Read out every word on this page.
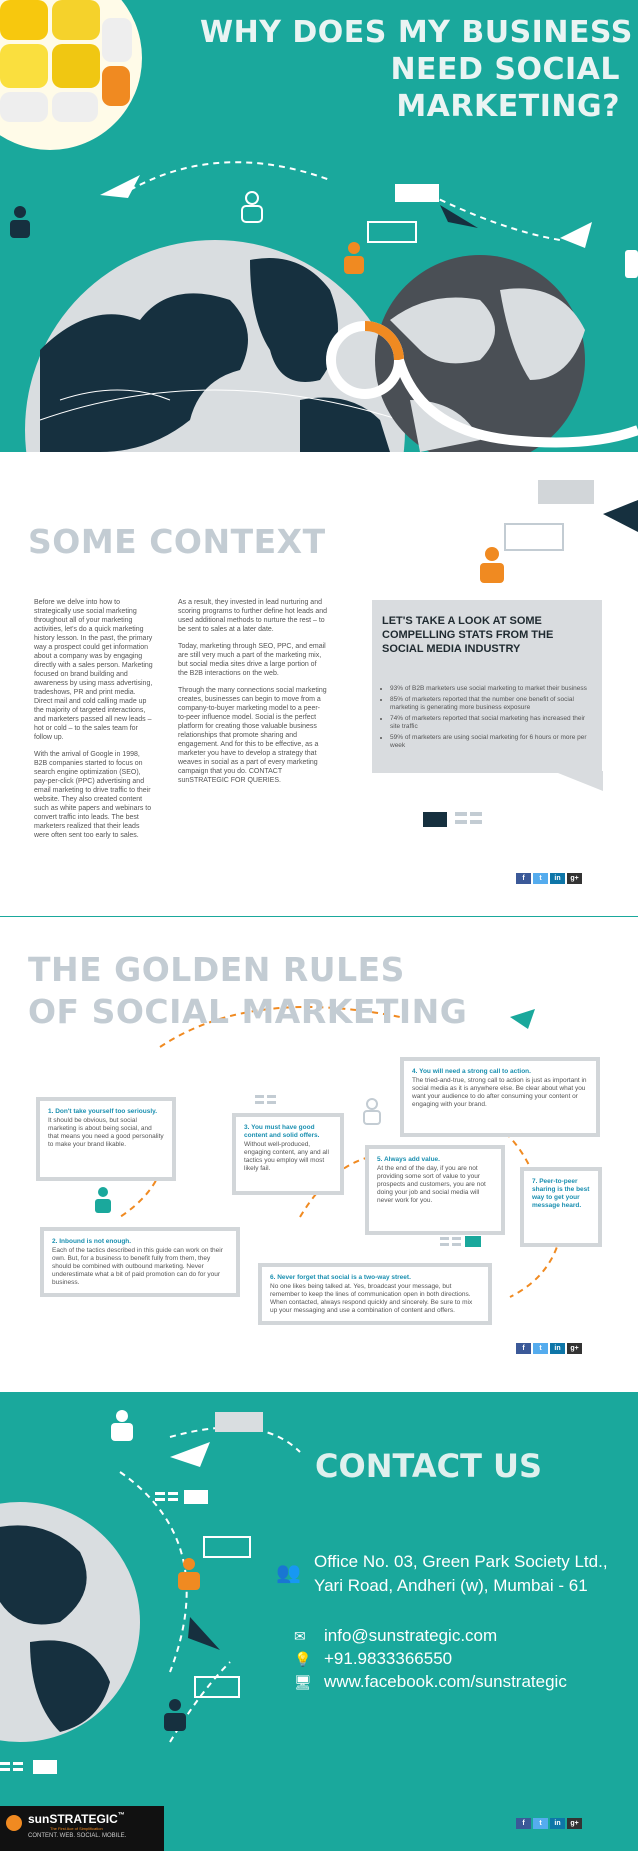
WHY DOES MY BUSINESS
NEED SOCIAL
MARKETING?
SOME CONTEXT

Before we delve into how to strategically use social marketing throughout all of your marketing activities, let's do a quick marketing history lesson. In the past, the primary way a prospect could get information about a company was by engaging directly with a sales person. Marketing focused on brand building and awareness by using mass advertising, tradeshows, PR and print media. Direct mail and cold calling made up the majority of targeted interactions, and marketers passed all new leads – hot or cold – to the sales team for follow up.

With the arrival of Google in 1998, B2B companies started to focus on search engine optimization (SEO), pay-per-click (PPC) advertising and email marketing to drive traffic to their website. They also created content such as white papers and webinars to convert traffic into leads. The best marketers realized that their leads were often sent too early to sales.

As a result, they invested in lead nurturing and scoring programs to further define hot leads and used additional methods to nurture the rest – to be sent to sales at a later date.

Today, marketing through SEO, PPC, and email are still very much a part of the marketing mix, but social media sites drive a large portion of the B2B interactions on the web.

Through the many connections social marketing creates, businesses can begin to move from a company-to-buyer marketing model to a peer-to-peer influence model. Social is the perfect platform for creating those valuable business relationships that promote sharing and engagement. And for this to be effective, as a marketer you have to develop a strategy that weaves in social as a part of every marketing campaign that you do. CONTACT sunSTRATEGIC FOR QUERIES.

LET'S TAKE A LOOK AT SOME COMPELLING STATS FROM THE SOCIAL MEDIA INDUSTRY
• 93% of B2B marketers use social marketing to market their business
• 85% of marketers reported that the number one benefit of social marketing is generating more business exposure
• 74% of marketers reported that social marketing has increased their site traffic
• 59% of marketers are using social marketing for 6 hours or more per week
f	t	in	g+
THE GOLDEN RULES
OF SOCIAL MARKETING
1. Don't take yourself too seriously.
It should be obvious, but social marketing is about being social, and that means you need a good personality to make your brand likable.
2. Inbound is not enough.
Each of the tactics described in this guide can work on their own. But, for a business to benefit fully from them, they should be combined with outbound marketing. Never underestimate what a bit of paid promotion can do for your business.
3. You must have good content and solid offers.
Without well-produced, engaging content, any and all tactics you employ will most likely fail.
4. You will need a strong call to action.
The tried-and-true, strong call to action is just as important in social media as it is anywhere else. Be clear about what you want your audience to do after consuming your content or engaging with your brand.
5. Always add value.
At the end of the day, if you are not providing some sort of value to your prospects and customers, you are not doing your job and social media will never work for you.
6. Never forget that social is a two-way street.
No one likes being talked at. Yes, broadcast your message, but remember to keep the lines of communication open in both directions. When contacted, always respond quickly and sincerely. Be sure to mix up your messaging and use a combination of content and offers.
7. Peer-to-peer sharing is the best way to get your message heard.
f	t	in	g+
CONTACT US
👥
Office No. 03, Green Park Society Ltd.,
Yari Road, Andheri (w), Mumbai - 61
✉ info@sunstrategic.com
💡 +91.9833366550
🖥 www.facebook.com/sunstrategic
sunSTRATEGIC™
The First Ace of Simplification
CONTENT. WEB. SOCIAL. MOBILE.
f	t	in	g+
